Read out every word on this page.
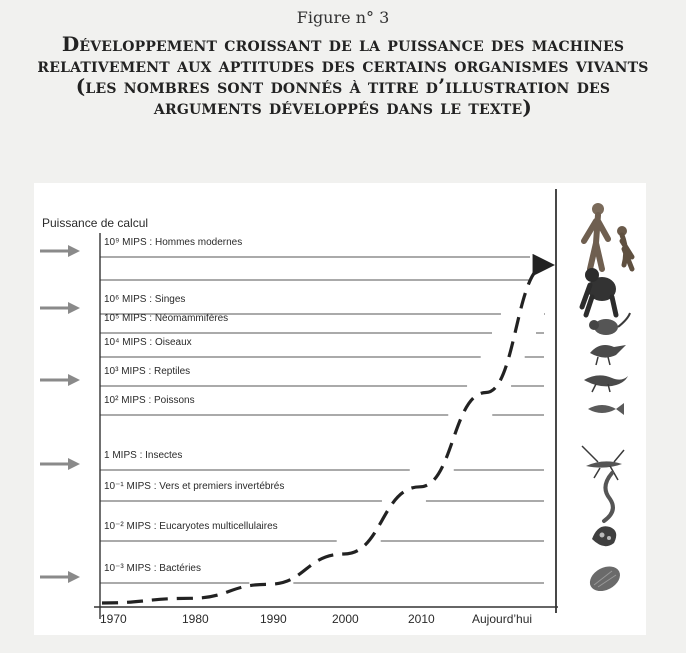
Figure n° 3
Développement croissant de la puissance des machines relativement aux aptitudes des certains organismes vivants (les nombres sont donnés à titre d’illustration des arguments développés dans le texte)
Puissance de calcul
10⁹ MIPS : Hommes modernes
10⁶ MIPS : Singes
10⁵ MIPS : Néomammifères
10⁴ MIPS : Oiseaux
10³ MIPS : Reptiles
10² MIPS : Poissons
1 MIPS : Insectes
10⁻¹ MIPS : Vers et premiers invertébrés
10⁻² MIPS : Eucaryotes multicellulaires
10⁻³ MIPS : Bactéries
1970	1980	1990	2000	2010	Aujourd’hui
